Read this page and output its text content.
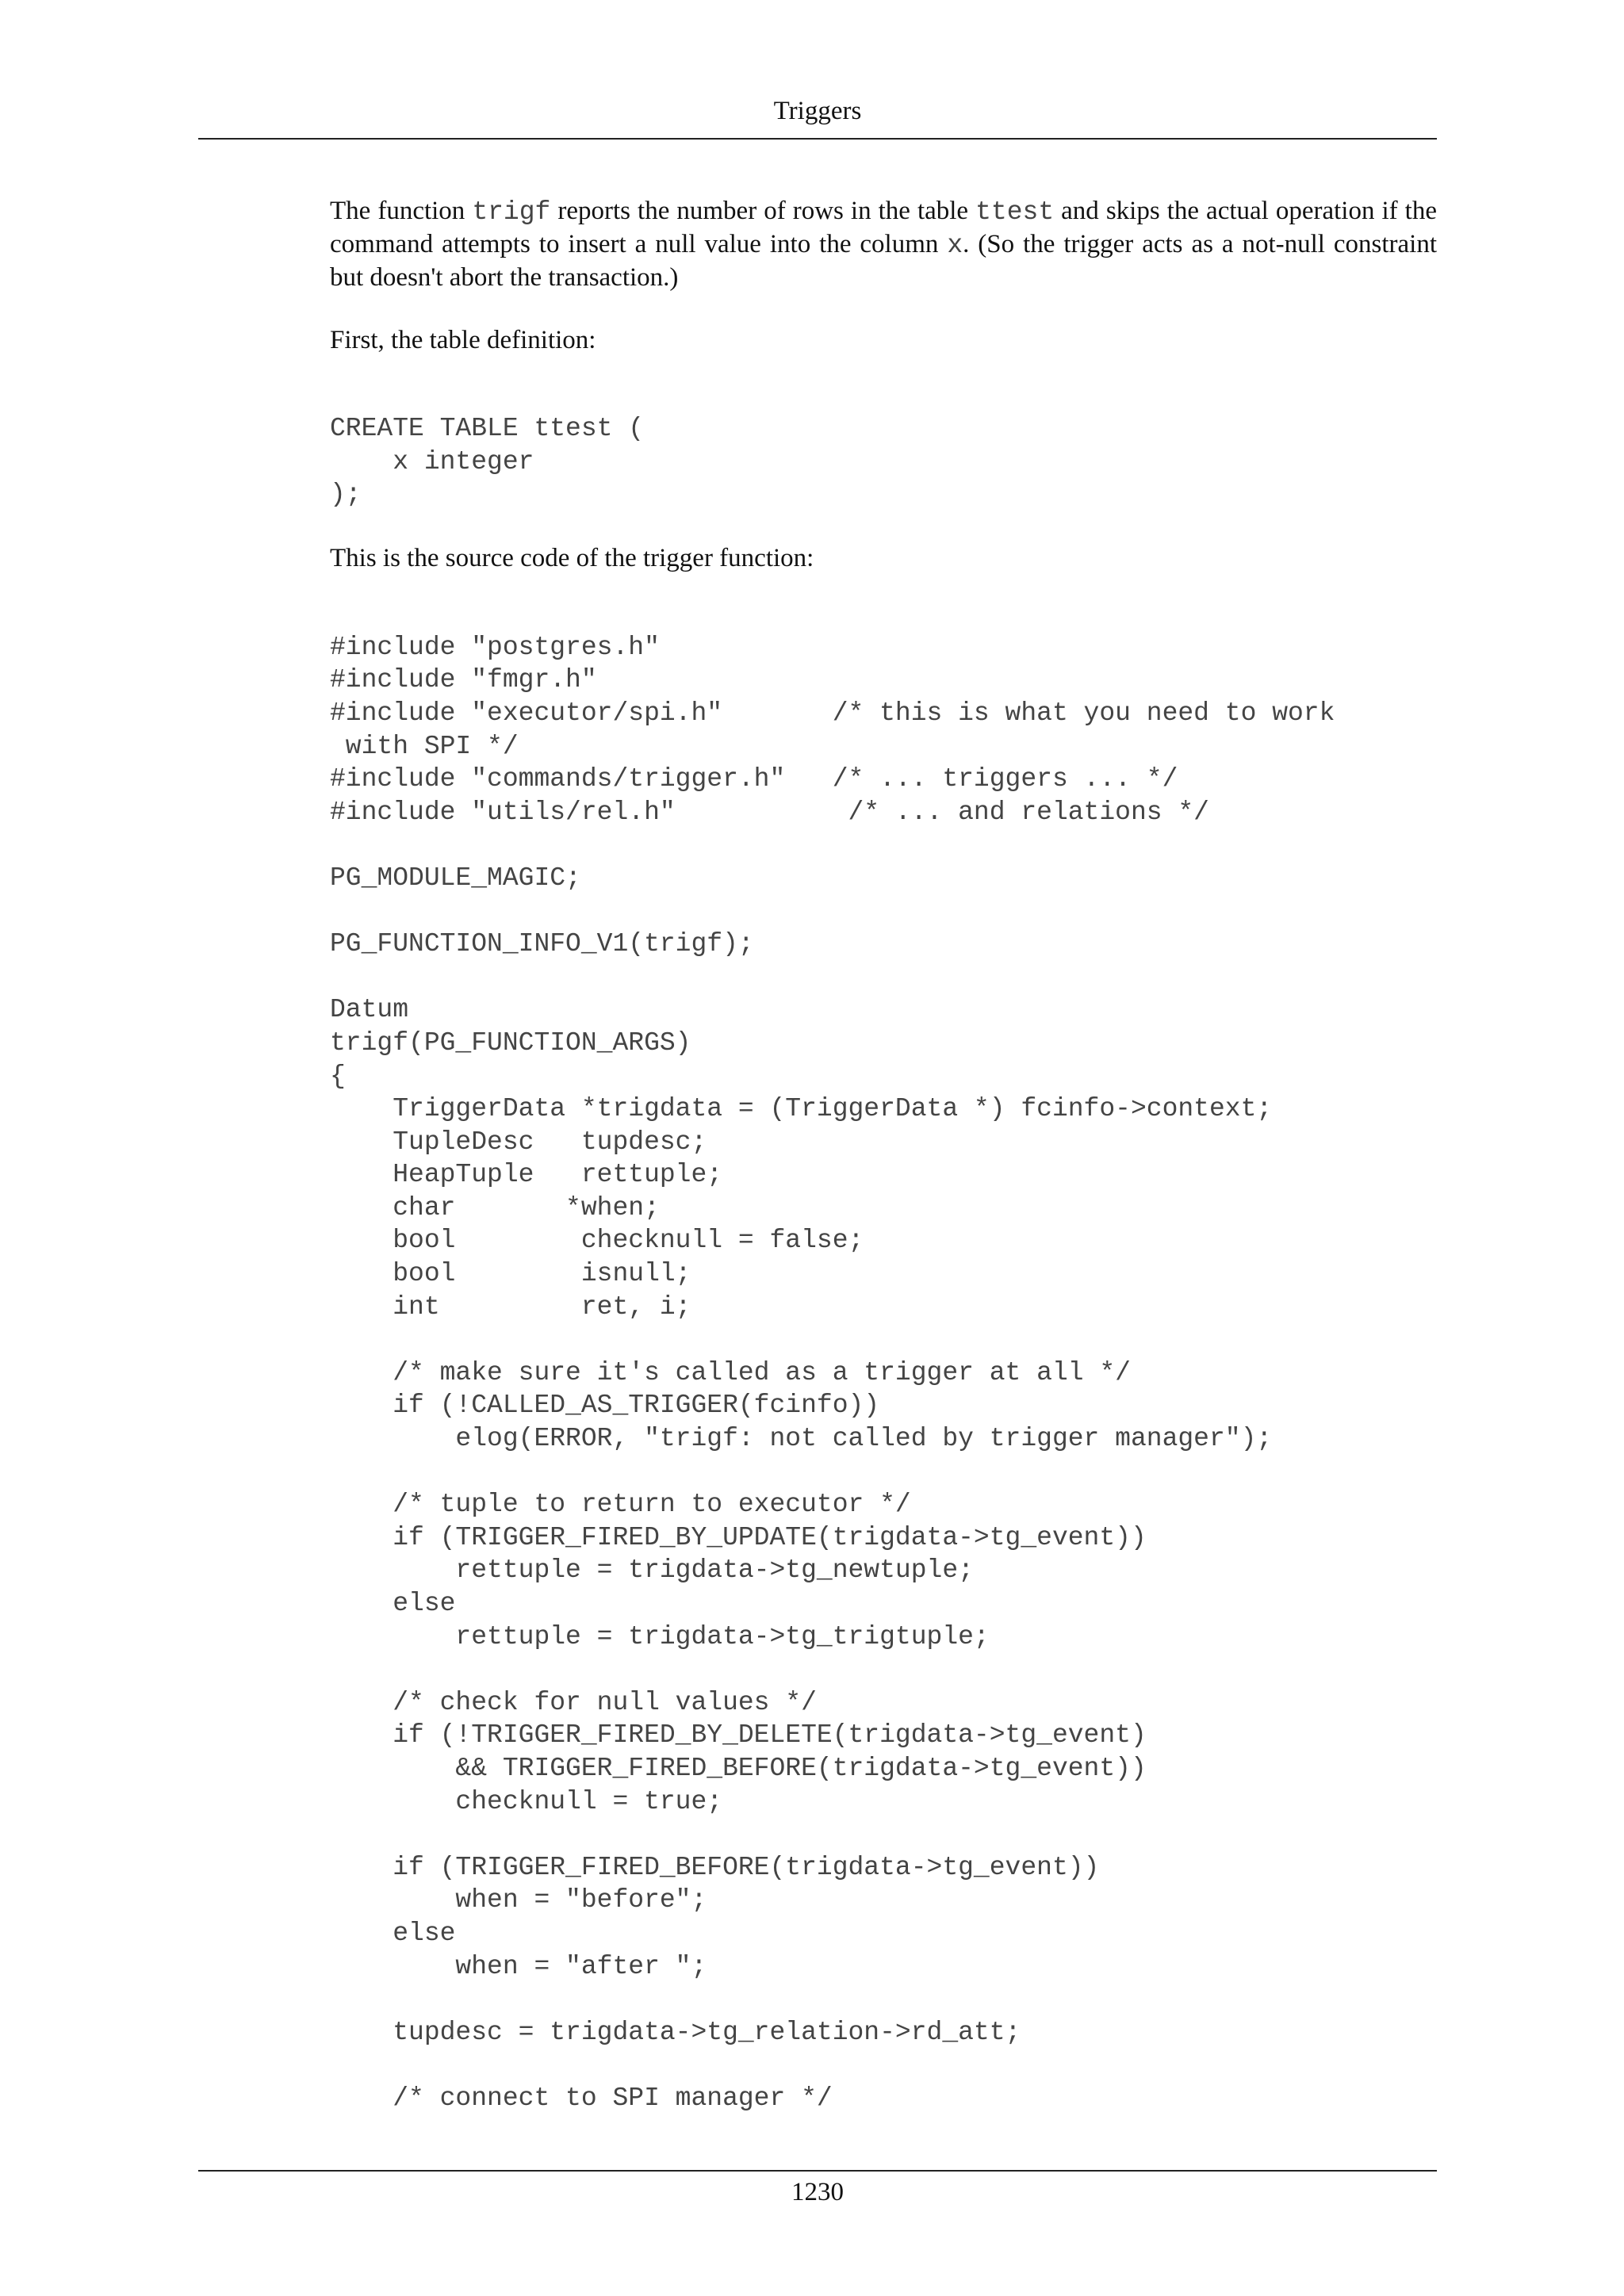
Triggers

The function trigf reports the number of rows in the table ttest and skips the actual operation if the command attempts to insert a null value into the column x. (So the trigger acts as a not-null constraint but doesn't abort the transaction.)

First, the table definition:

CREATE TABLE ttest (
x integer
);

This is the source code of the trigger function:

#include "postgres.h"
#include "fmgr.h"
#include "executor/spi.h"       /* this is what you need to work
with SPI */
#include "commands/trigger.h"   /* ... triggers ... */
#include "utils/rel.h"           /* ... and relations */

PG_MODULE_MAGIC;

PG_FUNCTION_INFO_V1(trigf);

Datum
trigf(PG_FUNCTION_ARGS)
{
TriggerData *trigdata = (TriggerData *) fcinfo->context;
TupleDesc   tupdesc;
HeapTuple   rettuple;
char       *when;
bool        checknull = false;
bool        isnull;
int         ret, i;

/* make sure it's called as a trigger at all */
if (!CALLED_AS_TRIGGER(fcinfo))
elog(ERROR, "trigf: not called by trigger manager");

/* tuple to return to executor */
if (TRIGGER_FIRED_BY_UPDATE(trigdata->tg_event))
rettuple = trigdata->tg_newtuple;
else
rettuple = trigdata->tg_trigtuple;

/* check for null values */
if (!TRIGGER_FIRED_BY_DELETE(trigdata->tg_event)
&& TRIGGER_FIRED_BEFORE(trigdata->tg_event))
checknull = true;

if (TRIGGER_FIRED_BEFORE(trigdata->tg_event))
when = "before";
else
when = "after ";

tupdesc = trigdata->tg_relation->rd_att;

/* connect to SPI manager */
1230
